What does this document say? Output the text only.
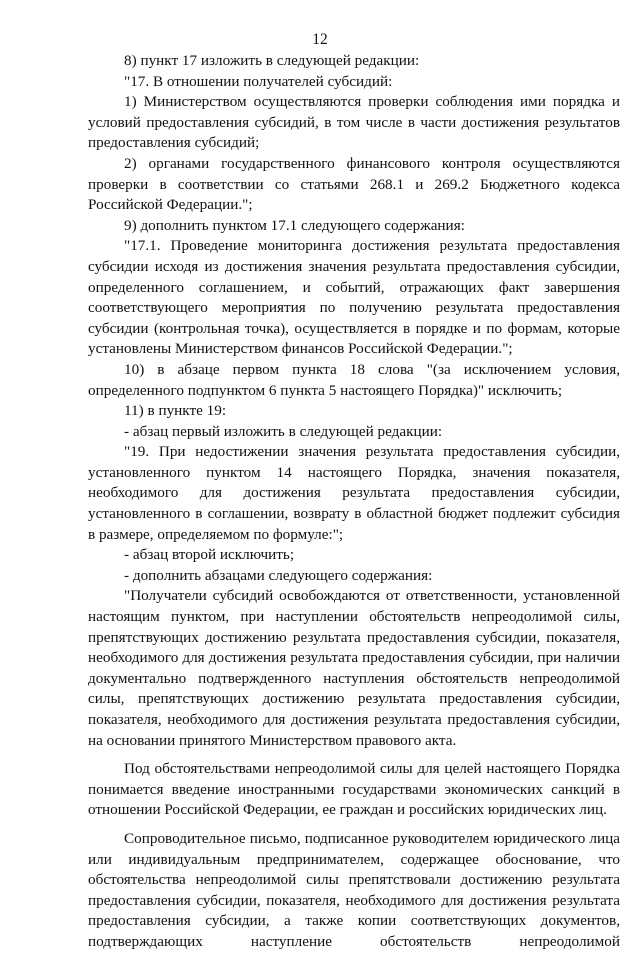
12

8) пункт 17 изложить в следующей редакции:

"17. В отношении получателей субсидий:

1) Министерством осуществляются проверки соблюдения ими порядка и условий предоставления субсидий, в том числе в части достижения результатов предоставления субсидий;

2) органами государственного финансового контроля осуществляются проверки в соответствии со статьями 268.1 и 269.2 Бюджетного кодекса Российской Федерации.";

9) дополнить пунктом 17.1 следующего содержания:

"17.1. Проведение мониторинга достижения результата предоставления субсидии исходя из достижения значения результата предоставления субсидии, определенного соглашением, и событий, отражающих факт завершения соответствующего мероприятия по получению результата предоставления субсидии (контрольная точка), осуществляется в порядке и по формам, которые установлены Министерством финансов Российской Федерации.";

10) в абзаце первом пункта 18 слова "(за исключением условия, определенного подпунктом 6 пункта 5 настоящего Порядка)" исключить;

11) в пункте 19:

- абзац первый изложить в следующей редакции:

"19. При недостижении значения результата предоставления субсидии, установленного пунктом 14 настоящего Порядка, значения показателя, необходимого для достижения результата предоставления субсидии, установленного в соглашении, возврату в областной бюджет подлежит субсидия в размере, определяемом по формуле:";

- абзац второй исключить;

- дополнить абзацами следующего содержания:

"Получатели субсидий освобождаются от ответственности, установленной настоящим пунктом, при наступлении обстоятельств непреодолимой силы, препятствующих достижению результата предоставления субсидии, показателя, необходимого для достижения результата предоставления субсидии, при наличии документально подтвержденного наступления обстоятельств непреодолимой силы, препятствующих достижению результата предоставления субсидии, показателя, необходимого для достижения результата предоставления субсидии, на основании принятого Министерством правового акта.

Под обстоятельствами непреодолимой силы для целей настоящего Порядка понимается введение иностранными государствами экономических санкций в отношении Российской Федерации, ее граждан и российских юридических лиц.

Сопроводительное письмо, подписанное руководителем юридического лица или индивидуальным предпринимателем, содержащее обоснование, что обстоятельства непреодолимой силы препятствовали достижению результата предоставления субсидии, показателя, необходимого для достижения результата предоставления субсидии, а также копии соответствующих документов, подтверждающих наступление обстоятельств непреодолимой
